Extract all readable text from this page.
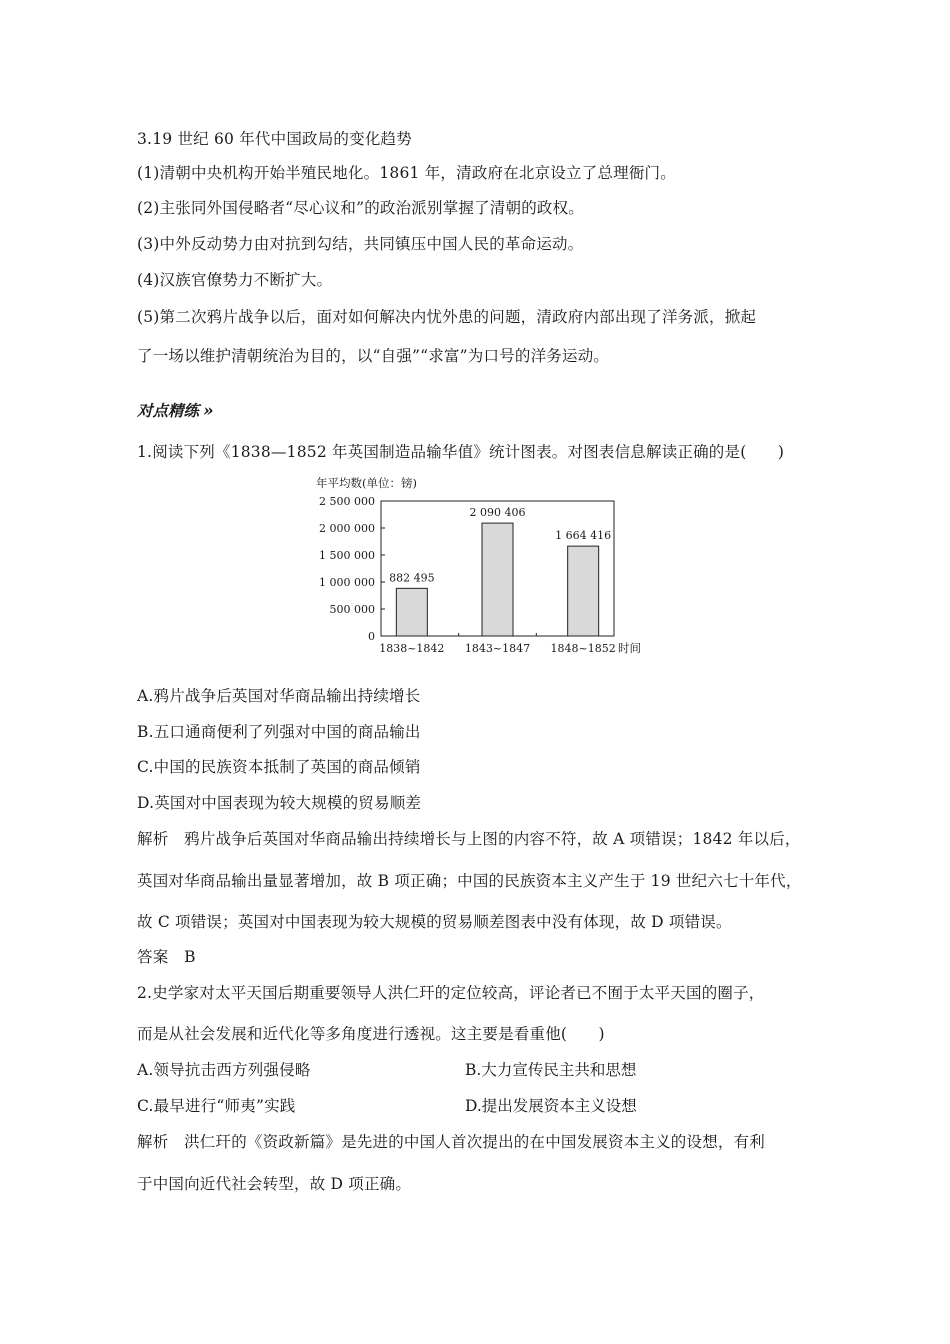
3.19 世纪 60 年代中国政局的变化趋势
(1)清朝中央机构开始半殖民地化。1861 年，清政府在北京设立了总理衙门。
(2)主张同外国侵略者“尽心议和”的政治派别掌握了清朝的政权。
(3)中外反动势力由对抗到勾结，共同镇压中国人民的革命运动。
(4)汉族官僚势力不断扩大。
(5)第二次鸦片战争以后，面对如何解决内忧外患的问题，清政府内部出现了洋务派，掀起
了一场以维护清朝统治为目的，以“自强”“求富”为口号的洋务运动。
对点精练 »
1.阅读下列《1838—1852 年英国制造品输华值》统计图表。对图表信息解读正确的是(　　)
年平均数(单位：镑)
0
500 000
1 000 000
1 500 000
2 000 000
2 500 000
882 495
1838~1842
2 090 406
1843~1847
1 664 416
1848~1852 时间
A.鸦片战争后英国对华商品输出持续增长
B.五口通商便利了列强对中国的商品输出
C.中国的民族资本抵制了英国的商品倾销
D.英国对中国表现为较大规模的贸易顺差
解析　鸦片战争后英国对华商品输出持续增长与上图的内容不符，故 A 项错误；1842 年以后，
英国对华商品输出量显著增加，故 B 项正确；中国的民族资本主义产生于 19 世纪六七十年代，
故 C 项错误；英国对中国表现为较大规模的贸易顺差图表中没有体现，故 D 项错误。
答案　B
2.史学家对太平天国后期重要领导人洪仁玕的定位较高，评论者已不囿于太平天国的圈子，
而是从社会发展和近代化等多角度进行透视。这主要是看重他(　　)
A.领导抗击西方列强侵略	B.大力宣传民主共和思想
C.最早进行“师夷”实践	D.提出发展资本主义设想
解析　洪仁玕的《资政新篇》是先进的中国人首次提出的在中国发展资本主义的设想，有利
于中国向近代社会转型，故 D 项正确。
